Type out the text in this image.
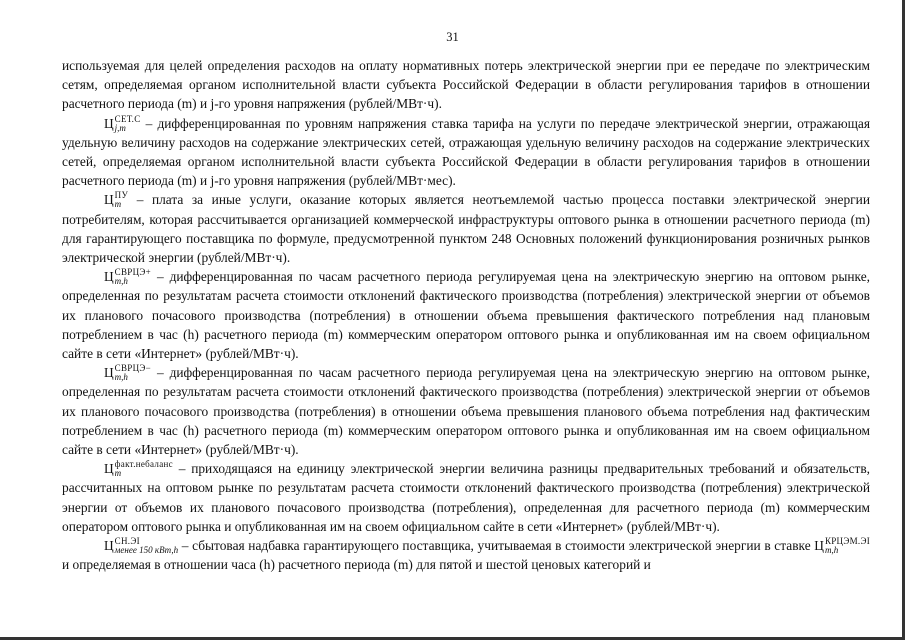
31

используемая для целей определения расходов на оплату нормативных потерь электрической энергии при ее передаче по электрическим сетям, определяемая органом исполнительной власти субъекта Российской Федерации в области регулирования тарифов в отношении расчетного периода (m) и j-го уровня напряжения (рублей/МВт·ч).

Ц СЕТ.С
j,m	– дифференцированная по уровням напряжения ставка тарифа на услуги по передаче электрической энергии, отражающая удельную величину расходов на содержание электрических сетей, отражающая удельную величину расходов на содержание электрических сетей, определяемая органом исполнительной власти субъекта Российской Федерации в области регулирования тарифов в отношении расчетного периода (m) и j-го уровня напряжения (рублей/МВт·мес).

Ц ПУ
m – плата за иные услуги, оказание которых является неотъемлемой частью процесса поставки электрической энергии потребителям, которая рассчитывается организацией коммерческой инфраструктуры оптового рынка в отношении расчетного периода (m) для гарантирующего поставщика по формуле, предусмотренной пунктом 248 Основных положений функционирования розничных рынков электрической энергии (рублей/МВт·ч).

Ц СВРЦЭ+
m,h	– дифференцированная по часам расчетного периода регулируемая цена на электрическую энергию на оптовом рынке, определенная по результатам расчета стоимости отклонений фактического производства (потребления) электрической энергии от объемов их планового почасового производства (потребления) в отношении объема превышения фактического потребления над плановым потреблением в час (h) расчетного периода (m) коммерческим оператором оптового рынка и опубликованная им на своем официальном сайте в сети «Интернет» (рублей/МВт·ч).

Ц СВРЦЭ−
m,h	– дифференцированная по часам расчетного периода регулируемая цена на электрическую энергию на оптовом рынке, определенная по результатам расчета стоимости отклонений фактического производства (потребления) электрической энергии от объемов их планового почасового производства (потребления) в отношении объема превышения планового объема потребления над фактическим потреблением в час (h) расчетного периода (m) коммерческим оператором оптового рынка и опубликованная им на своем официальном сайте в сети «Интернет» (рублей/МВт·ч).

Ц факт.небаланс
m	– приходящаяся на единицу электрической энергии величина разницы предварительных требований и обязательств, рассчитанных на оптовом рынке по результатам расчета стоимости отклонений фактического производства (потребления) электрической энергии от объемов их планового почасового производства (потребления), определенная для расчетного периода (m) коммерческим оператором оптового рынка и опубликованная им на своем официальном сайте в сети «Интернет» (рублей/МВт·ч).

Ц СН.ЭΙ
менее 150 кВт,h – сбытовая надбавка гарантирующего поставщика, учитываемая в стоимости электрической энергии в ставке Ц КРЦЭМ.ЭΙ
m,h
и определяемая в отношении часа (h) расчетного периода (m) для пятой и шестой ценовых категорий и
